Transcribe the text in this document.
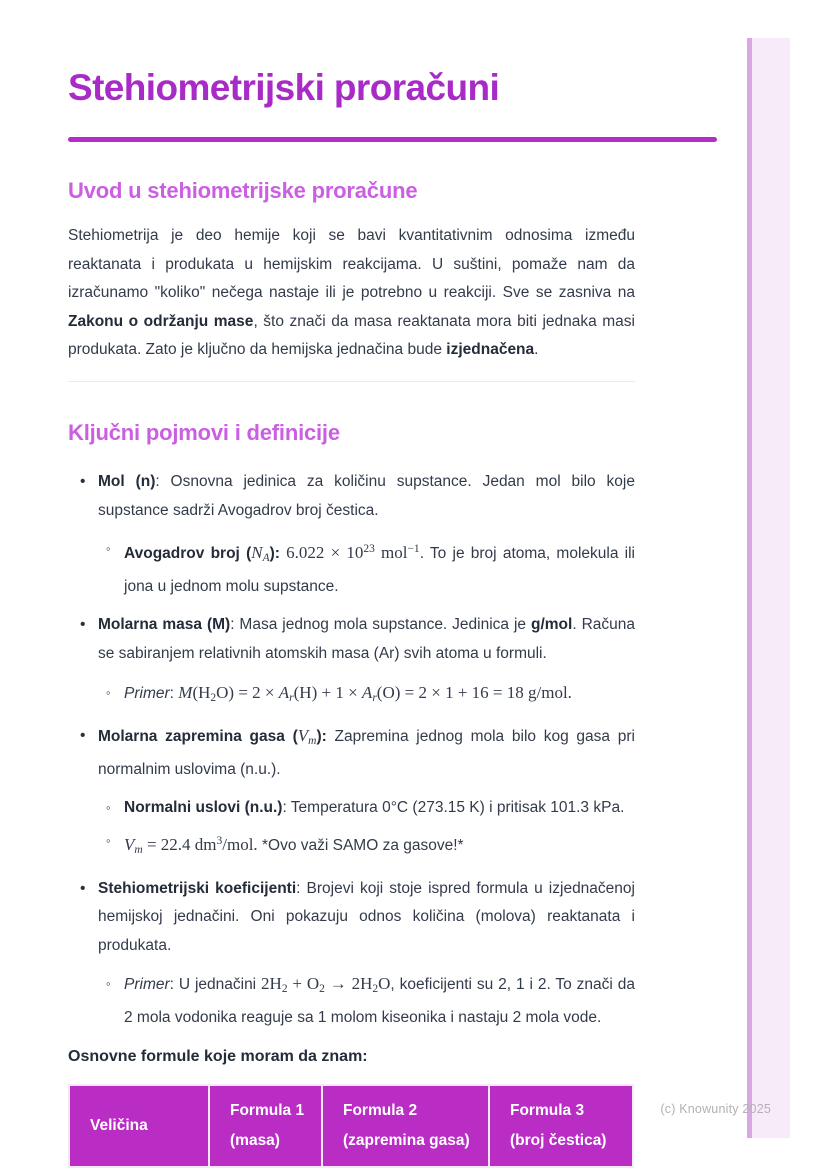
(c) Knowunity 2025
Stehiometrijski proračuni
Uvod u stehiometrijske proračune
Stehiometrija je deo hemije koji se bavi kvantitativnim odnosima između reaktanata i produkata u hemijskim reakcijama. U suštini, pomaže nam da izračunamo "koliko" nečega nastaje ili je potrebno u reakciji. Sve se zasniva na Zakonu o održanju mase, što znači da masa reaktanata mora biti jednaka masi produkata. Zato je ključno da hemijska jednačina bude izjednačena.
Ključni pojmovi i definicije
• Mol (n): Osnovna jedinica za količinu supstance. Jedan mol bilo koje supstance sadrži Avogadrov broj čestica.
◦ Avogadrov broj (NA): $6.022 \times 10^{23}$ mol$^{-1}$. To je broj atoma, molekula ili jona u jednom molu supstance.
• Molarna masa (M): Masa jednog mola supstance. Jedinica je g/mol. Računa se sabiranjem relativnih atomskih masa (Ar) svih atoma u formuli.
◦ Primer: M(H2O) = 2 × Ar(H) + 1 × Ar(O) = 2 × 1 + 16 = 18 g/mol.
• Molarna zapremina gasa (Vm): Zapremina jednog mola bilo kog gasa pri normalnim uslovima (n.u.).
◦ Normalni uslovi (n.u.): Temperatura 0°C (273.15 K) i pritisak 101.3 kPa.
◦ Vm = 22.4 $dm^3$/mol. *Ovo važi SAMO za gasove!*
• Stehiometrijski koeficijenti: Brojevi koji stoje ispred formula u izjednačenoj hemijskoj jednačini. Oni pokazuju odnos količina (molova) reaktanata i produkata.
◦ Primer: U jednačini 2H2 + O2 → 2H2O, koeficijenti su 2, 1 i 2. To znači da 2 mola vodonika reaguje sa 1 molom kiseonika i nastaju 2 mola vode.
Osnovne formule koje moram da znam:
Veličina
Formula 1
(masa)
Formula 2
(zapremina gasa)
Formula 3
(broj čestica)
